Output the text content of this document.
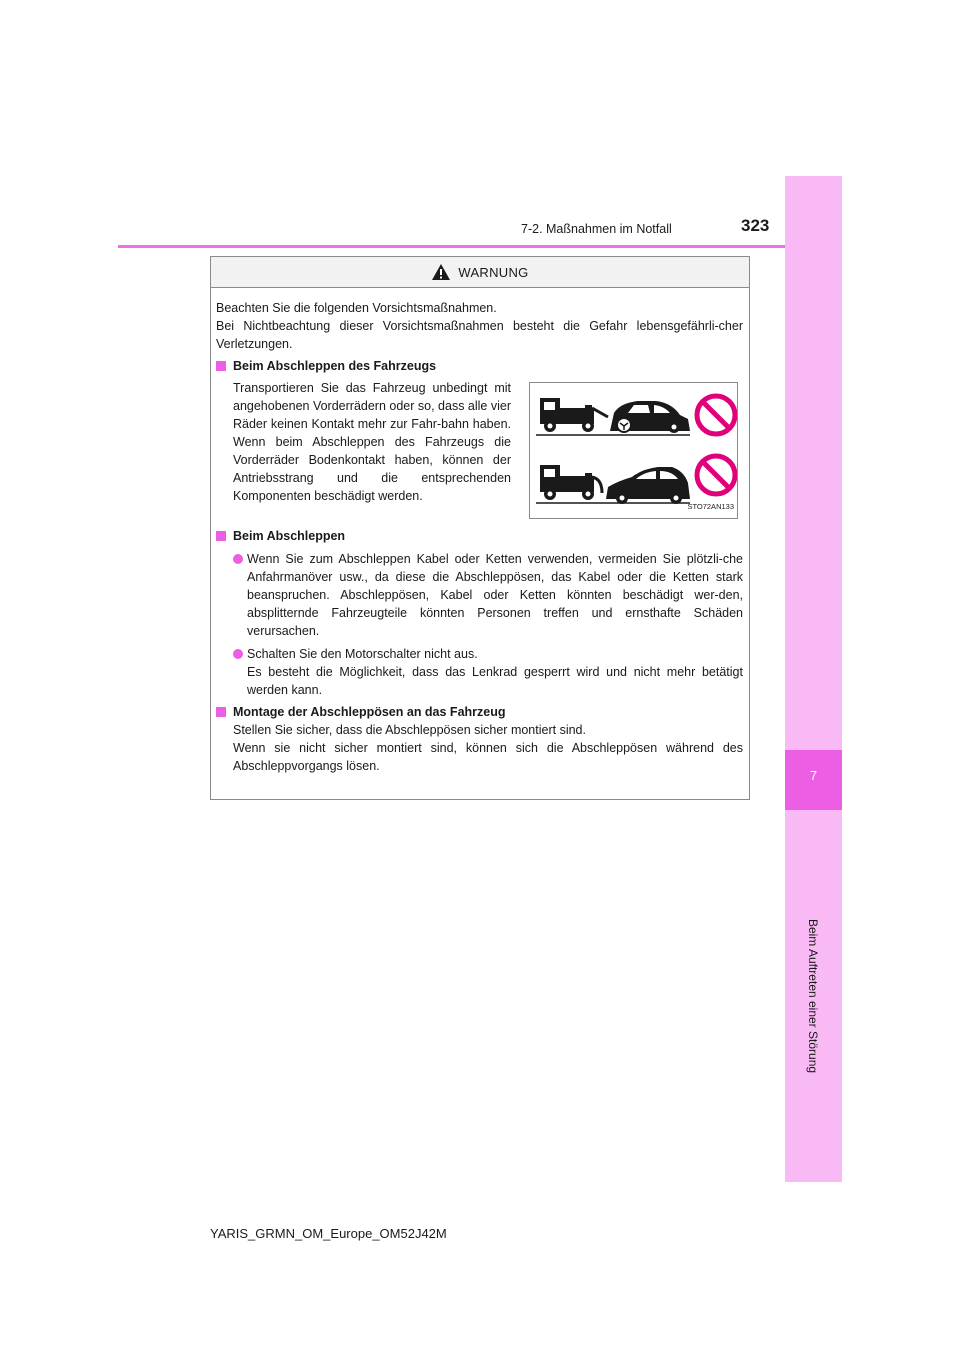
7
Beim Auftreten einer Störung
7-2. Maßnahmen im Notfall	323
WARNUNG

Beachten Sie die folgenden Vorsichtsmaßnahmen.

Bei Nichtbeachtung dieser Vorsichtsmaßnahmen besteht die Gefahr lebensgefährli-cher Verletzungen.

Beim Abschleppen des Fahrzeugs

Transportieren Sie das Fahrzeug unbedingt mit angehobenen Vorderrädern oder so, dass alle vier Räder keinen Kontakt mehr zur Fahr-bahn haben. Wenn beim Abschleppen des Fahrzeugs die Vorderräder Bodenkontakt haben, können der Antriebsstrang und die entsprechenden Komponenten beschädigt werden.

STO72AN133
Beim Abschleppen
Wenn Sie zum Abschleppen Kabel oder Ketten verwenden, vermeiden Sie plötzli-che Anfahrmanöver usw., da diese die Abschleppösen, das Kabel oder die Ketten stark beanspruchen. Abschleppösen, Kabel oder Ketten könnten beschädigt wer-den, absplitternde Fahrzeugteile könnten Personen treffen und ernsthafte Schäden verursachen.
Schalten Sie den Motorschalter nicht aus.
Es besteht die Möglichkeit, dass das Lenkrad gesperrt wird und nicht mehr betätigt werden kann.
Montage der Abschleppösen an das Fahrzeug

Stellen Sie sicher, dass die Abschleppösen sicher montiert sind.

Wenn sie nicht sicher montiert sind, können sich die Abschleppösen während des Abschleppvorgangs lösen.

YARIS_GRMN_OM_Europe_OM52J42M
